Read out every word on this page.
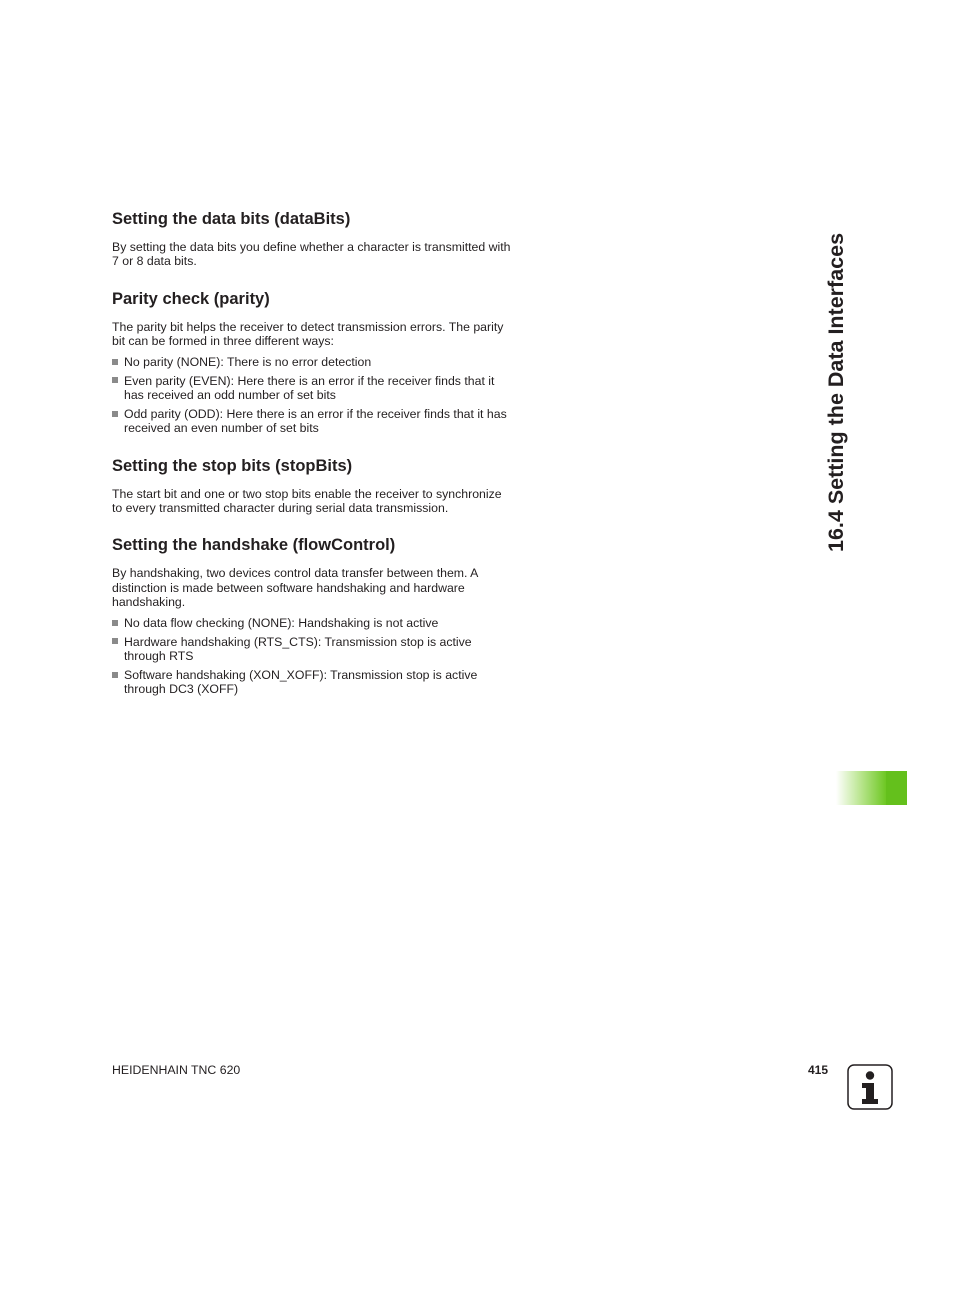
Setting the data bits (dataBits)

By setting the data bits you define whether a character is transmitted with 7 or 8 data bits.

Parity check (parity)

The parity bit helps the receiver to detect transmission errors. The parity bit can be formed in three different ways:

No parity (NONE): There is no error detection
Even parity (EVEN): Here there is an error if the receiver finds that it has received an odd number of set bits
Odd parity (ODD): Here there is an error if the receiver finds that it has received an even number of set bits
Setting the stop bits (stopBits)

The start bit and one or two stop bits enable the receiver to synchronize to every transmitted character during serial data transmission.

Setting the handshake (flowControl)

By handshaking, two devices control data transfer between them. A distinction is made between software handshaking and hardware handshaking.

No data flow checking (NONE): Handshaking is not active
Hardware handshaking (RTS_CTS): Transmission stop is active through RTS
Software handshaking (XON_XOFF): Transmission stop is active through DC3 (XOFF)
16.4 Setting the Data Interfaces
HEIDENHAIN TNC 620	415
